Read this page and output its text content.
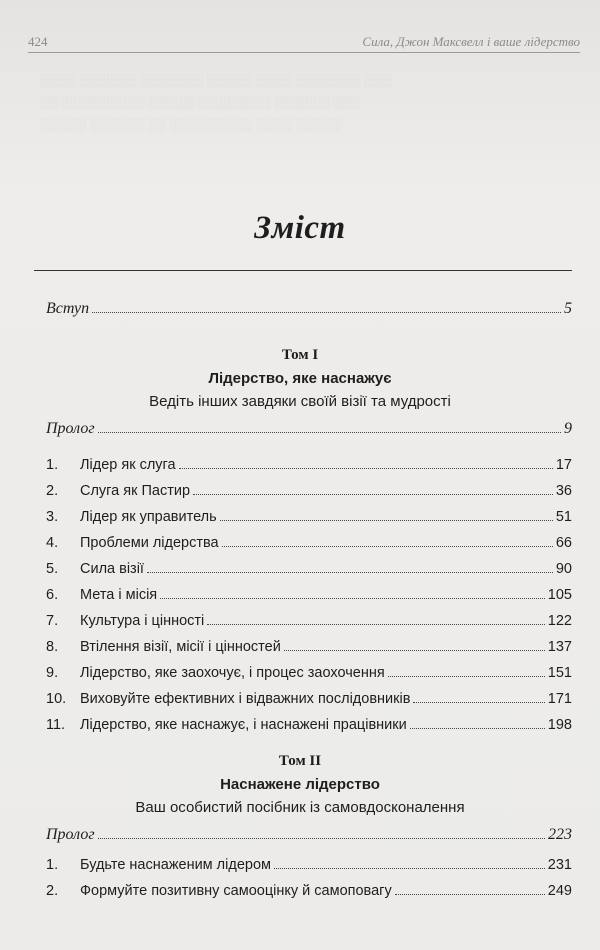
░░░░ ░░░░░░ ░░░░░░░ ░░░░░ ░░░░ ░░░░░░░ ░░░
░░ ░░░░░░░░░ ░░░░░ ░░░░░░░░ ░░░░░░ ░░░
░░░░░ ░░░░░░ ░░ ░░░░░░░░░ ░░░░ ░░░░░
424	Сила, Джон Максвелл і ваше лідерство
Зміст
Вступ	5
Том I
Лідерство, яке наснажує
Ведіть інших завдяки своїй візії та мудрості
Пролог	9
1.	Лідер як слуга	17
2.	Слуга як Пастир	36
3.	Лідер як управитель	51
4.	Проблеми лідерства	66
5.	Сила візії	90
6.	Мета і місія	105
7.	Культура і цінності	122
8.	Втілення візії, місії і цінностей	137
9.	Лідерство, яке заохочує, і процес заохочення	151
10. Виховуйте ефективних і відважних послідовників	171
11.	Лідерство, яке наснажує, і наснажені працівники	198
Том II
Наснажене лідерство
Ваш особистий посібник із самовдосконалення
Пролог	223
1.	Будьте наснаженим лідером	231
2.	Формуйте позитивну самооцінку й самоповагу	249
